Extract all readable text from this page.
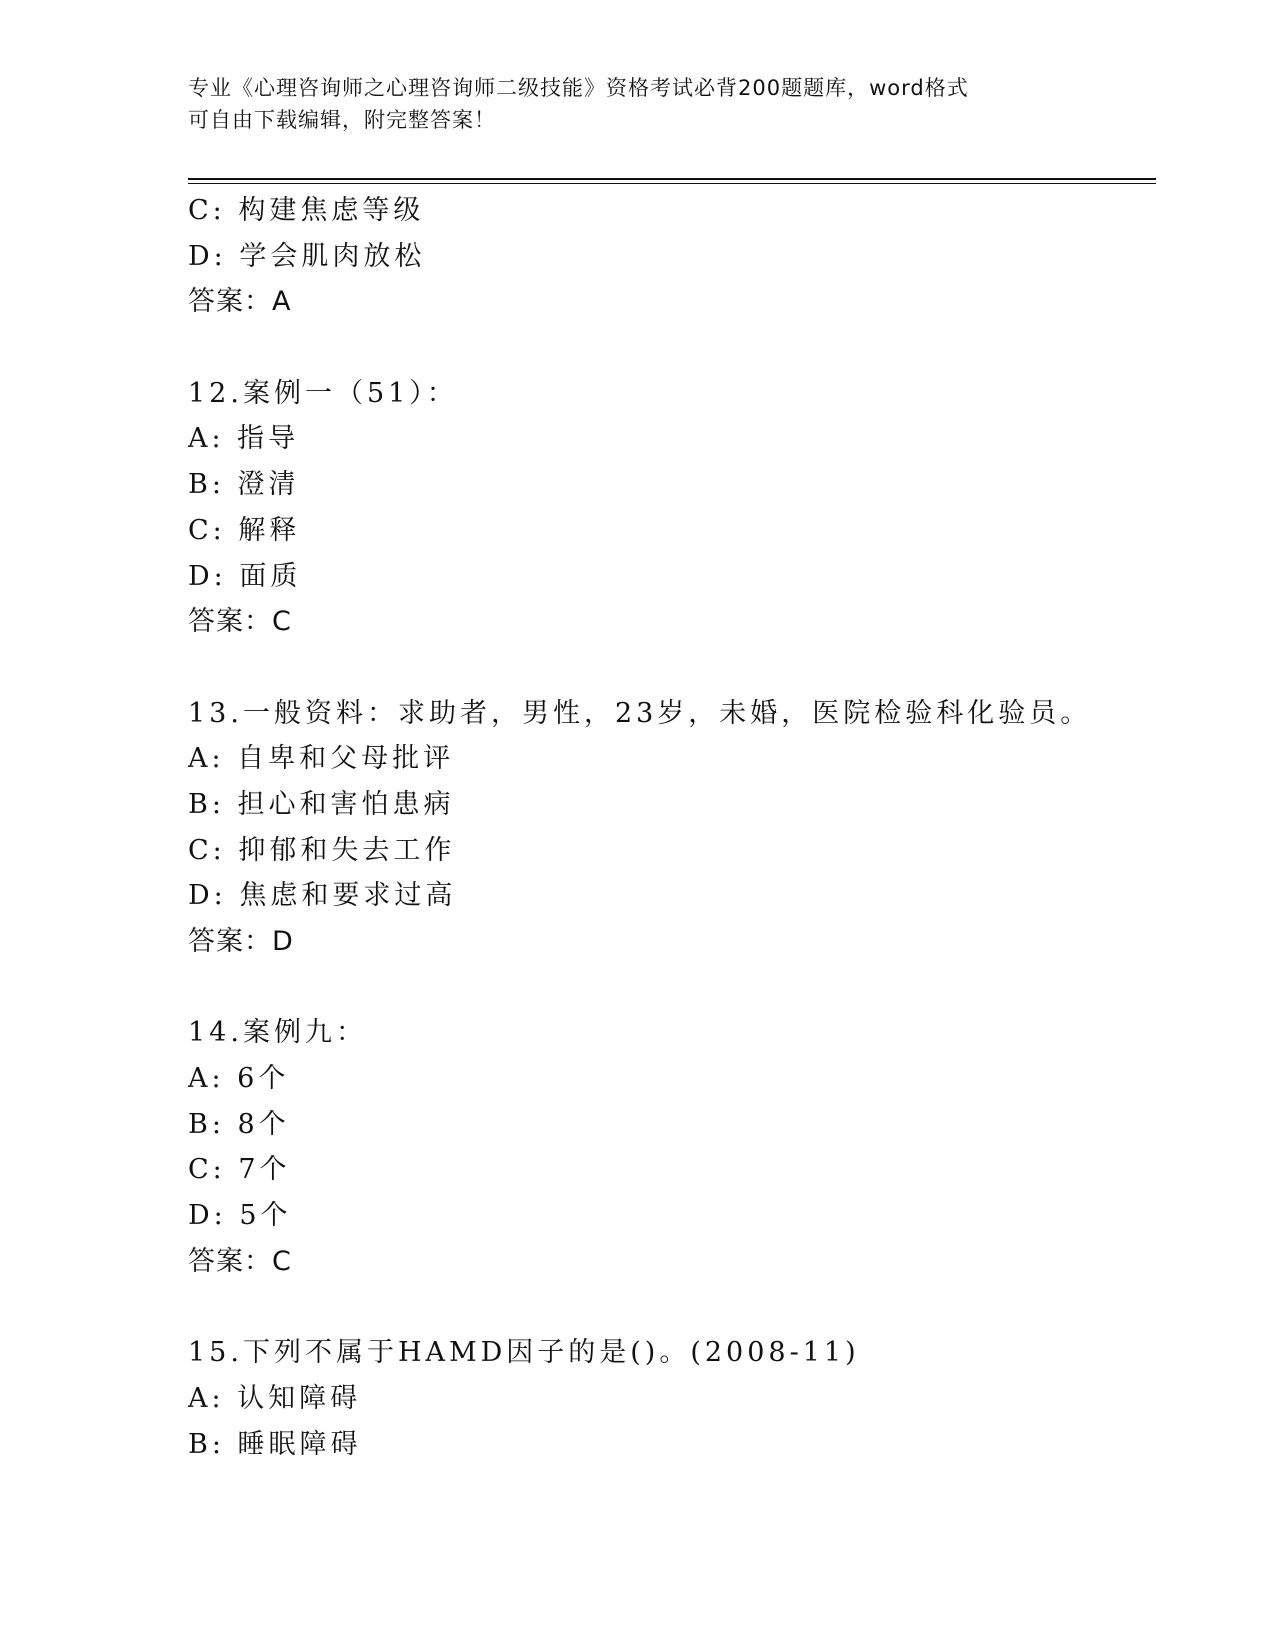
专业《心理咨询师之心理咨询师二级技能》资格考试必背200题题库，word格式
可自由下载编辑，附完整答案！
C: 构建焦虑等级
D: 学会肌肉放松
答案：A
12.案例一（51）：
A: 指导
B: 澄清
C: 解释
D: 面质
答案：C
13.一般资料：求助者，男性，23岁，未婚，医院检验科化验员。
A: 自卑和父母批评
B: 担心和害怕患病
C: 抑郁和失去工作
D: 焦虑和要求过高
答案：D
14.案例九：
A: 6个
B: 8个
C: 7个
D: 5个
答案：C
15.下列不属于HAMD因子的是()。(2008-11)
A: 认知障碍
B: 睡眠障碍
